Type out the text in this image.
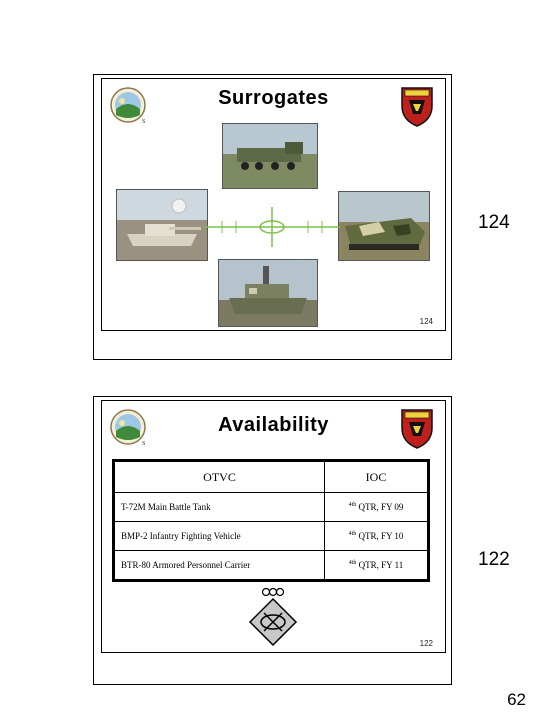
S
Surrogates
124
124
S
Availability
OTVC	IOC
T-72M Main Battle Tank	$^{4th}$ QTR, FY 09
BMP-2 Infantry Fighting Vehicle	$^{4th}$ QTR, FY 10
BTR-80 Armored Personnel Carrier	$^{4th}$ QTR, FY 11
122
122
62
